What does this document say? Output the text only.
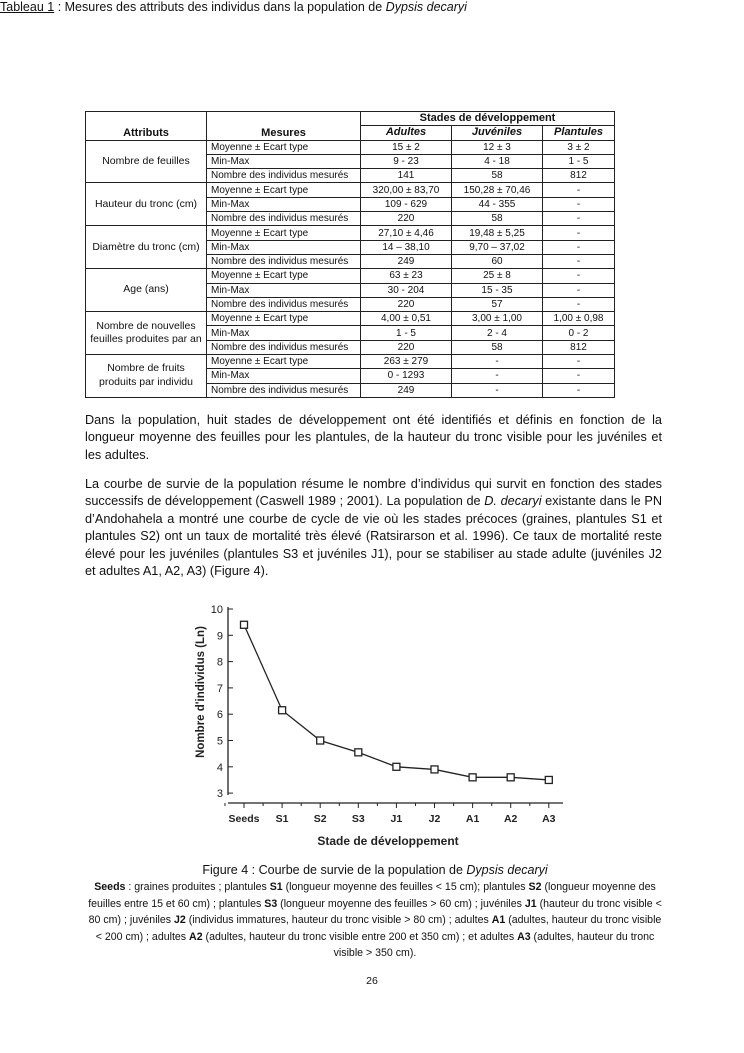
Tableau 1 : Mesures des attributs des individus dans la population de Dypsis decaryi
Attributs	Mesures	Stades de développement		
		Adultes	Juvéniles	Plantules
Nombre de feuilles	Moyenne ± Ecart type	15 ± 2	12 ± 3	3 ± 2
	Min-Max	9 - 23	4 - 18	1 - 5
	Nombre des individus mesurés	141	58	812
Hauteur du tronc (cm)	Moyenne ± Ecart type	320,00 ± 83,70	150,28 ± 70,46	-
	Min-Max	109 - 629	44 - 355	-
	Nombre des individus mesurés	220	58	-
Diamètre du tronc (cm)	Moyenne ± Ecart type	27,10 ± 4,46	19,48 ± 5,25	-
	Min-Max	14 – 38,10	9,70 – 37,02	-
	Nombre des individus mesurés	249	60	-
Age (ans)	Moyenne ± Ecart type	63 ± 23	25 ± 8	-
	Min-Max	30 - 204	15 - 35	-
	Nombre des individus mesurés	220	57	-
Nombre de nouvelles feuilles produites par an	Moyenne ± Ecart type	4,00 ± 0,51	3,00 ± 1,00	1,00 ± 0,98
	Min-Max	1 - 5	2 - 4	0 - 2
	Nombre des individus mesurés	220	58	812
Nombre de fruits produits par individu	Moyenne ± Ecart type	263 ± 279	-	-
	Min-Max	0 - 1293	-	-
	Nombre des individus mesurés	249	-	-
Dans la population, huit stades de développement ont été identifiés et définis en fonction de la longueur moyenne des feuilles pour les plantules, de la hauteur du tronc visible pour les juvéniles et les adultes.
La courbe de survie de la population résume le nombre d’individus qui survit en fonction des stades successifs de développement (Caswell 1989 ; 2001). La population de D. decaryi existante dans le PN d’Andohahela a montré une courbe de cycle de vie où les stades précoces (graines, plantules S1 et plantules S2) ont un taux de mortalité très élevé (Ratsirarson et al. 1996). Ce taux de mortalité reste élevé pour les juvéniles (plantules S3 et juvéniles J1), pour se stabiliser au stade adulte (juvéniles J2 et adultes A1, A2, A3) (Figure 4).
3
4
5
6
7
8
9
10
Seeds S1 S2 S3 J1	J2 A1 A2 A3
Stade de développement
Nombre d'individus (Ln)
Figure 4 : Courbe de survie de la population de Dypsis decaryi
Seeds : graines produites ; plantules S1 (longueur moyenne des feuilles < 15 cm); plantules S2 (longueur moyenne des feuilles entre 15 et 60 cm) ; plantules S3 (longueur moyenne des feuilles > 60 cm) ; juvéniles J1 (hauteur du tronc visible < 80 cm) ; juvéniles J2 (individus immatures, hauteur du tronc visible > 80 cm) ; adultes A1 (adultes, hauteur du tronc visible < 200 cm) ; adultes A2 (adultes, hauteur du tronc visible entre 200 et 350 cm) ; et adultes A3 (adultes, hauteur du tronc visible > 350 cm).
26
